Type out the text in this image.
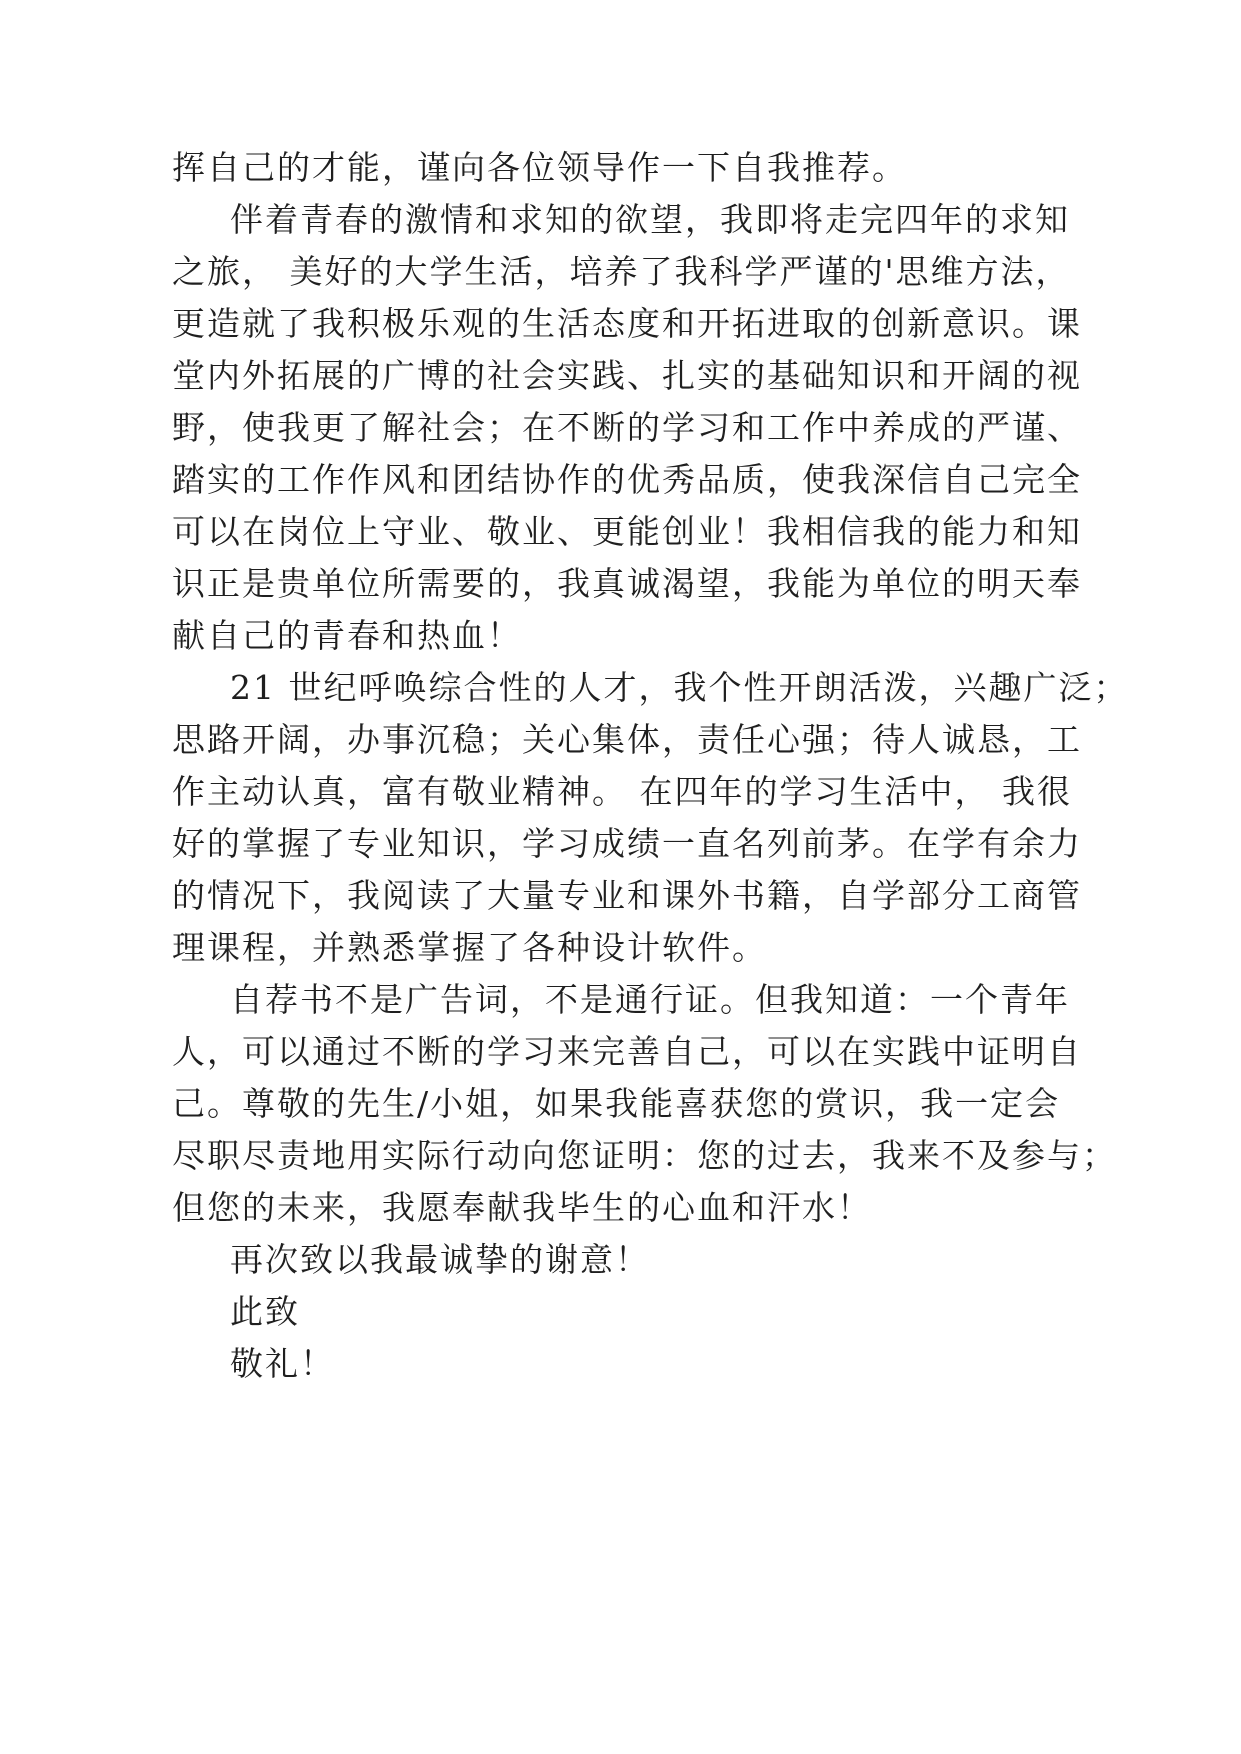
挥自己的才能，谨向各位领导作一下自我推荐。
伴着青春的激情和求知的欲望，我即将走完四年的求知
之旅， 美好的大学生活，培养了我科学严谨的'思维方法，
更造就了我积极乐观的生活态度和开拓进取的创新意识。课
堂内外拓展的广博的社会实践、扎实的基础知识和开阔的视
野，使我更了解社会；在不断的学习和工作中养成的严谨、
踏实的工作作风和团结协作的优秀品质，使我深信自己完全
可以在岗位上守业、敬业、更能创业！我相信我的能力和知
识正是贵单位所需要的，我真诚渴望，我能为单位的明天奉
献自己的青春和热血！
21 世纪呼唤综合性的人才，我个性开朗活泼，兴趣广泛；
思路开阔，办事沉稳；关心集体，责任心强；待人诚恳，工
作主动认真，富有敬业精神。 在四年的学习生活中， 我很
好的掌握了专业知识，学习成绩一直名列前茅。在学有余力
的情况下，我阅读了大量专业和课外书籍，自学部分工商管
理课程，并熟悉掌握了各种设计软件。
自荐书不是广告词，不是通行证。但我知道：一个青年
人，可以通过不断的学习来完善自己，可以在实践中证明自
己。尊敬的先生/小姐，如果我能喜获您的赏识，我一定会
尽职尽责地用实际行动向您证明：您的过去，我来不及参与；
但您的未来，我愿奉献我毕生的心血和汗水！
再次致以我最诚挚的谢意！
此致
敬礼！
